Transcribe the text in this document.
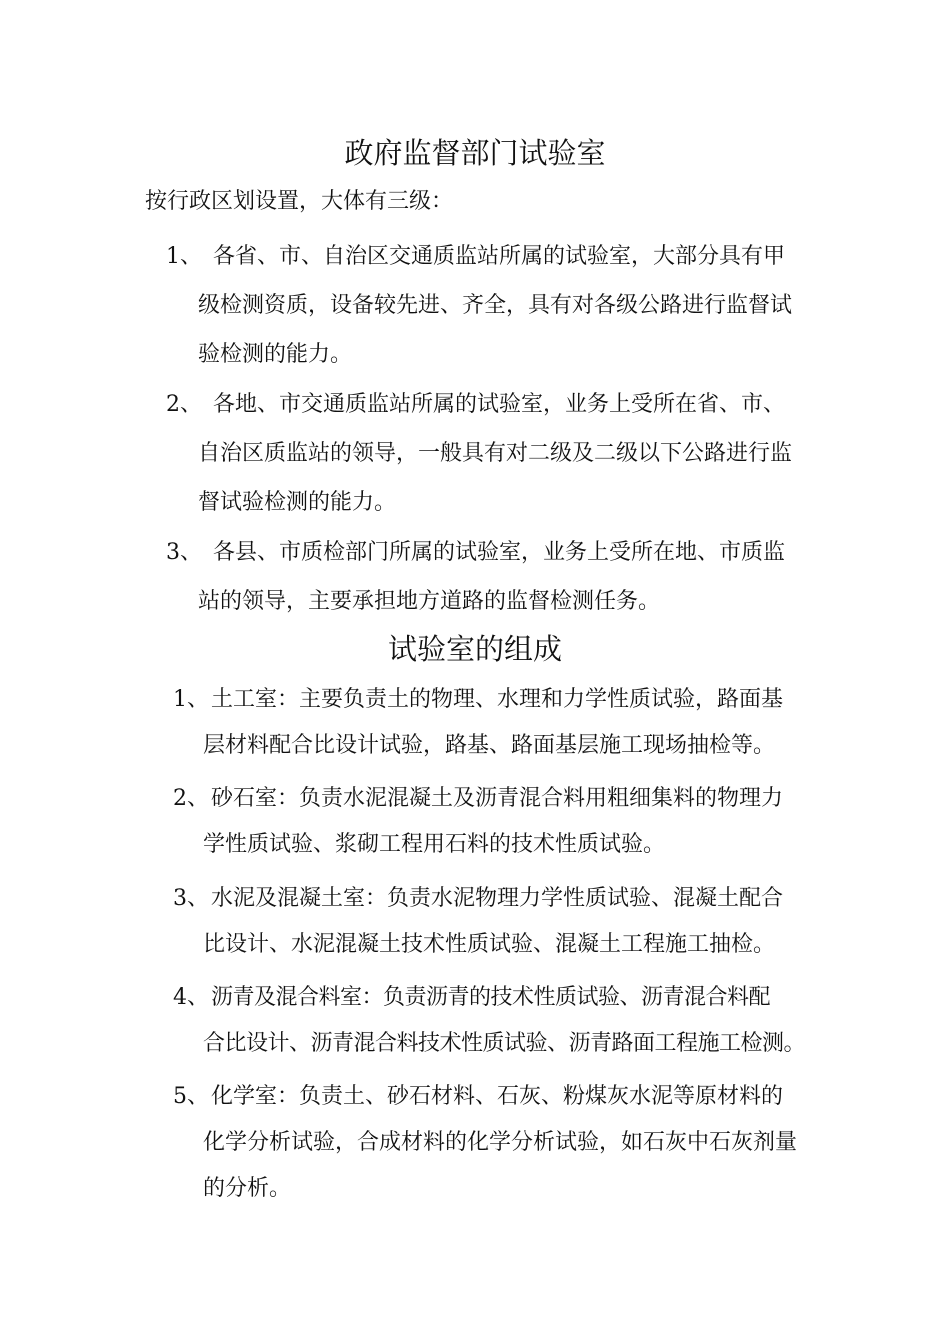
政府监督部门试验室
按行政区划设置，大体有三级：
1、 各省、市、自治区交通质监站所属的试验室，大部分具有甲
级检测资质，设备较先进、齐全，具有对各级公路进行监督试
验检测的能力。
2、 各地、市交通质监站所属的试验室，业务上受所在省、市、
自治区质监站的领导，一般具有对二级及二级以下公路进行监
督试验检测的能力。
3、 各县、市质检部门所属的试验室，业务上受所在地、市质监
站的领导，主要承担地方道路的监督检测任务。
试验室的组成
1、 土工室：主要负责土的物理、水理和力学性质试验，路面基
层材料配合比设计试验，路基、路面基层施工现场抽检等。
2、 砂石室：负责水泥混凝土及沥青混合料用粗细集料的物理力
学性质试验、浆砌工程用石料的技术性质试验。
3、 水泥及混凝土室：负责水泥物理力学性质试验、混凝土配合
比设计、水泥混凝土技术性质试验、混凝土工程施工抽检。
4、 沥青及混合料室：负责沥青的技术性质试验、沥青混合料配
合比设计、沥青混合料技术性质试验、沥青路面工程施工检测。
5、 化学室：负责土、砂石材料、石灰、粉煤灰水泥等原材料的
化学分析试验，合成材料的化学分析试验，如石灰中石灰剂量
的分析。
